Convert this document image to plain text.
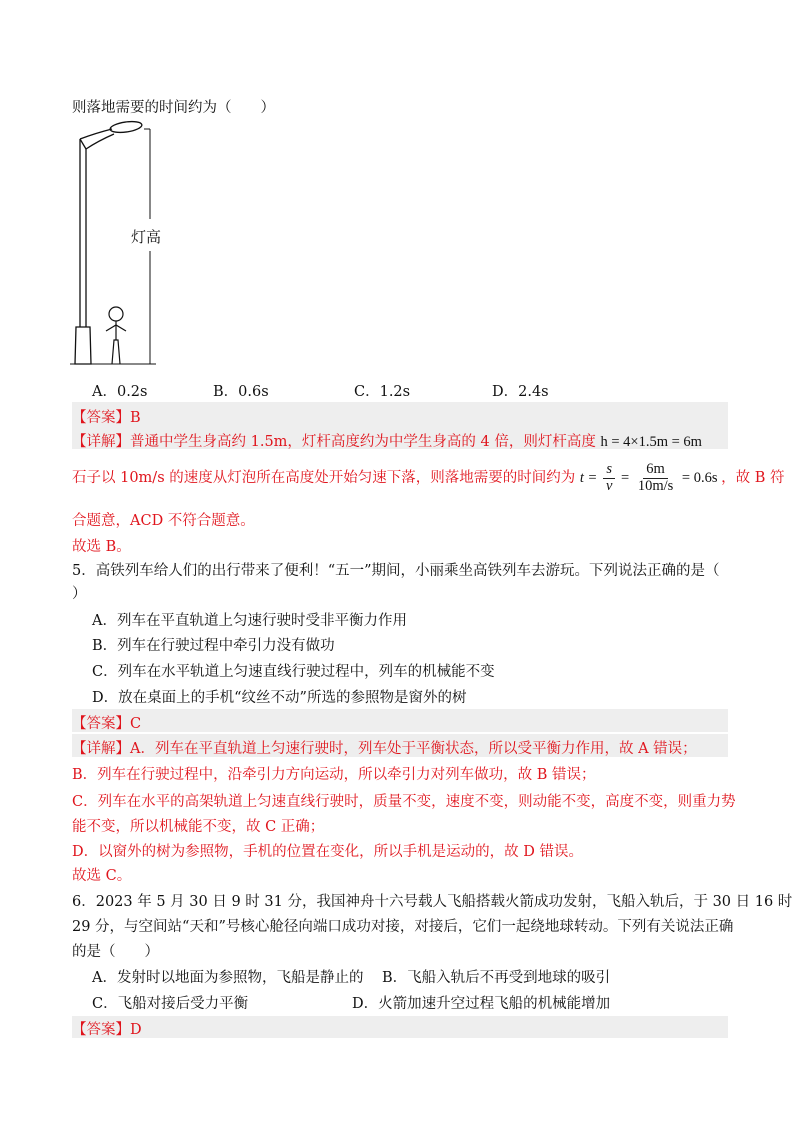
则落地需要的时间约为（　　）
灯高
A．0.2s	B．0.6s	C．1.2s	D．2.4s
【答案】B
【详解】普通中学生身高约 1.5m，灯杆高度约为中学生身高的 4 倍，则灯杆高度 h = 4×1.5m = 6m
石子以 10m/s 的速度从灯泡所在高度处开始匀速下落，则落地需要的时间约为 $t = \frac{s}{v} = \frac{6m}{10m/s} = 0.6s$ ，故 B 符
合题意，ACD 不符合题意。
故选 B。
5．高铁列车给人们的出行带来了便利！“五一”期间，小丽乘坐高铁列车去游玩。下列说法正确的是（
）
A．列车在平直轨道上匀速行驶时受非平衡力作用
B．列车在行驶过程中牵引力没有做功
C．列车在水平轨道上匀速直线行驶过程中，列车的机械能不变
D．放在桌面上的手机“纹丝不动”所选的参照物是窗外的树
【答案】C
【详解】A．列车在平直轨道上匀速行驶时，列车处于平衡状态，所以受平衡力作用，故 A 错误；
B．列车在行驶过程中，沿牵引力方向运动，所以牵引力对列车做功，故 B 错误；
C．列车在水平的高架轨道上匀速直线行驶时，质量不变，速度不变，则动能不变，高度不变，则重力势
能不变，所以机械能不变，故 C 正确；
D．以窗外的树为参照物，手机的位置在变化，所以手机是运动的，故 D 错误。
故选 C。
6．2023 年 5 月 30 日 9 时 31 分，我国神舟十六号载人飞船搭载火箭成功发射，飞船入轨后，于 30 日 16 时
29 分，与空间站“天和”号核心舱径向端口成功对接，对接后，它们一起绕地球转动。下列有关说法正确
的是（　　）
A．发射时以地面为参照物，飞船是静止的 B．飞船入轨后不再受到地球的吸引
C．飞船对接后受力平衡	D．火箭加速升空过程飞船的机械能增加
【答案】D
